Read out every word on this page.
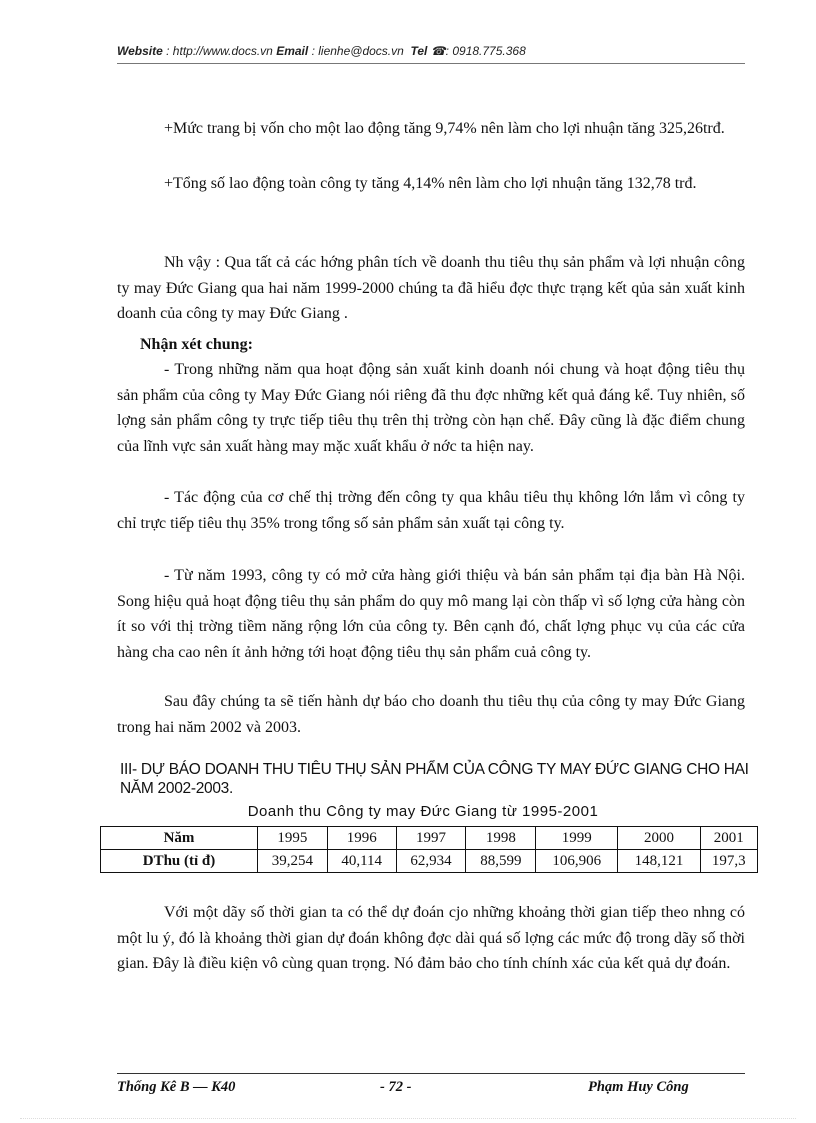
Website : http://www.docs.vn Email : lienhe@docs.vn Tel ☎: 0918.775.368

+Mức trang bị vốn cho một lao động tăng 9,74% nên làm cho lợi nhuận tăng 325,26trđ.

+Tổng số lao động toàn công ty tăng 4,14% nên làm cho lợi nhuận tăng 132,78 trđ.

Nh vậy : Qua tất cả các hớng phân tích về doanh thu tiêu thụ sản phẩm và lợi nhuận công ty may Đức Giang qua hai năm 1999-2000 chúng ta đã hiểu đợc thực trạng kết qủa sản xuất kinh doanh của công ty may Đức Giang .

Nhận xét chung:

- Trong những năm qua hoạt động sản xuất kinh doanh nói chung và hoạt động tiêu thụ sản phẩm của công ty May Đức Giang nói riêng đã thu đợc những kết quả đáng kể. Tuy nhiên, số lợng sản phẩm công ty trực tiếp tiêu thụ trên thị trờng còn hạn chế. Đây cũng là đặc điểm chung của lĩnh vực sản xuất hàng may mặc xuất khẩu ở nớc ta hiện nay.

- Tác động của cơ chế thị trờng đến công ty qua khâu tiêu thụ không lớn lắm vì công ty chỉ trực tiếp tiêu thụ 35% trong tổng số sản phẩm sản xuất tại công ty.

- Từ năm 1993, công ty có mở cửa hàng giới thiệu và bán sản phẩm tại địa bàn Hà Nội. Song hiệu quả hoạt động tiêu thụ sản phẩm do quy mô mang lại còn thấp vì số lợng cửa hàng còn ít so với thị trờng tiềm năng rộng lớn của công ty. Bên cạnh đó, chất lợng phục vụ của các cửa hàng cha cao nên ít ảnh hởng tới hoạt động tiêu thụ sản phẩm cuả công ty.

Sau đây chúng ta sẽ tiến hành dự báo cho doanh thu tiêu thụ của công ty may Đức Giang trong hai năm 2002 và 2003.

III- DỰ BÁO DOANH THU TIÊU THỤ SẢN PHẨM CỦA CÔNG TY MAY ĐỨC GIANG CHO HAI NĂM 2002-2003.
Doanh thu Công ty may Đức Giang từ 1995-2001
Năm	1995	1996	1997	1998	1999	2000	2001
DThu (tỉ đ)	39,254	40,114	62,934	88,599	106,906	148,121	197,3

Với một dãy số thời gian ta có thể dự đoán cjo những khoảng thời gian tiếp theo nhng có một lu ý, đó là khoảng thời gian dự đoán không đợc dài quá số lợng các mức độ trong dãy số thời gian. Đây là điều kiện vô cùng quan trọng. Nó đảm bảo cho tính chính xác của kết quả dự đoán.

Thống Kê B — K40	- 72 -	Phạm Huy Công
